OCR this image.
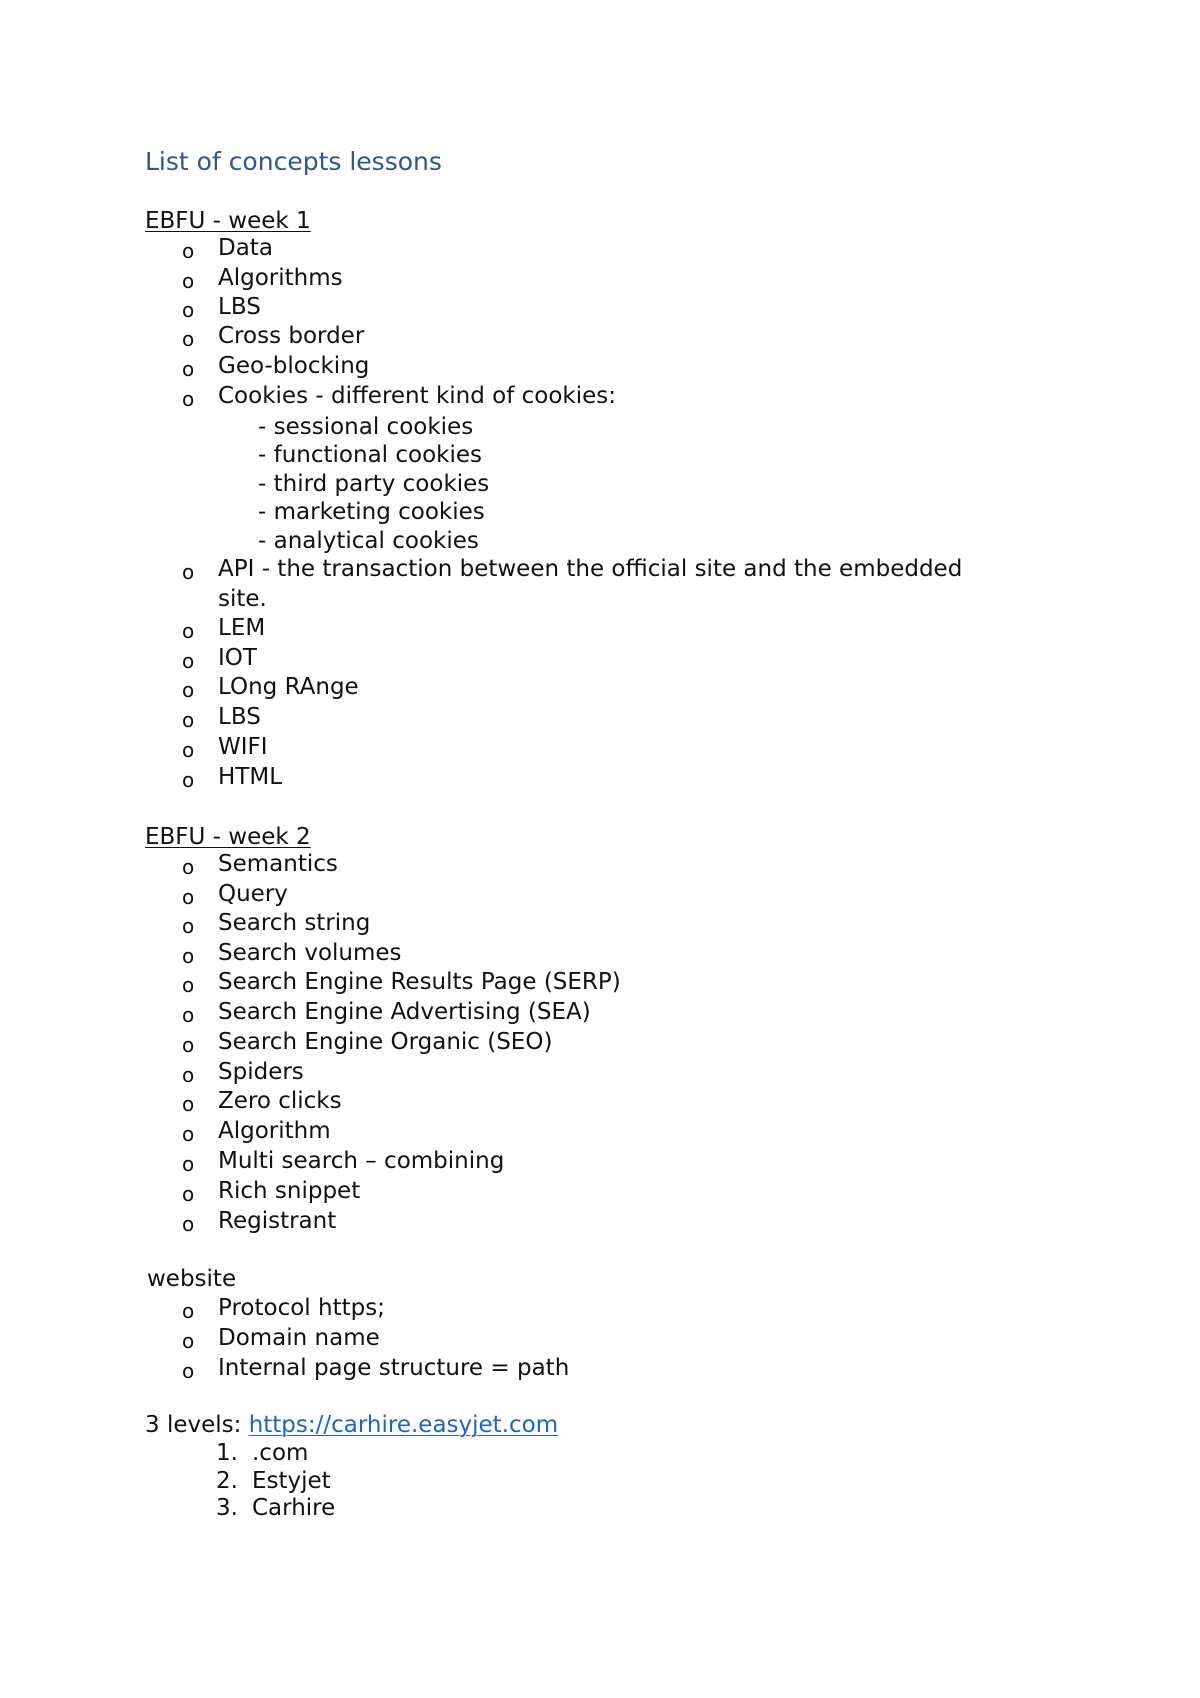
List of concepts lessons
EBFU - week 1
o Data
o Algorithms
o LBS
o Cross border
o Geo-blocking
o Cookies - different kind of cookies:
- sessional cookies
- functional cookies
- third party cookies
- marketing cookies
- analytical cookies
o API - the transaction between the official site and the embedded
site.
o LEM
o IOT
o LOng RAnge
o LBS
o WIFI
o HTML
EBFU - week 2
o Semantics
o Query
o Search string
o Search volumes
o Search Engine Results Page (SERP)
o Search Engine Advertising (SEA)
o Search Engine Organic (SEO)
o Spiders
o Zero clicks
o Algorithm
o Multi search – combining
o Rich snippet
o Registrant
website
o Protocol https;
o Domain name
o Internal page structure = path
3 levels: https://carhire.easyjet.com
1. .com
2. Estyjet
3. Carhire
